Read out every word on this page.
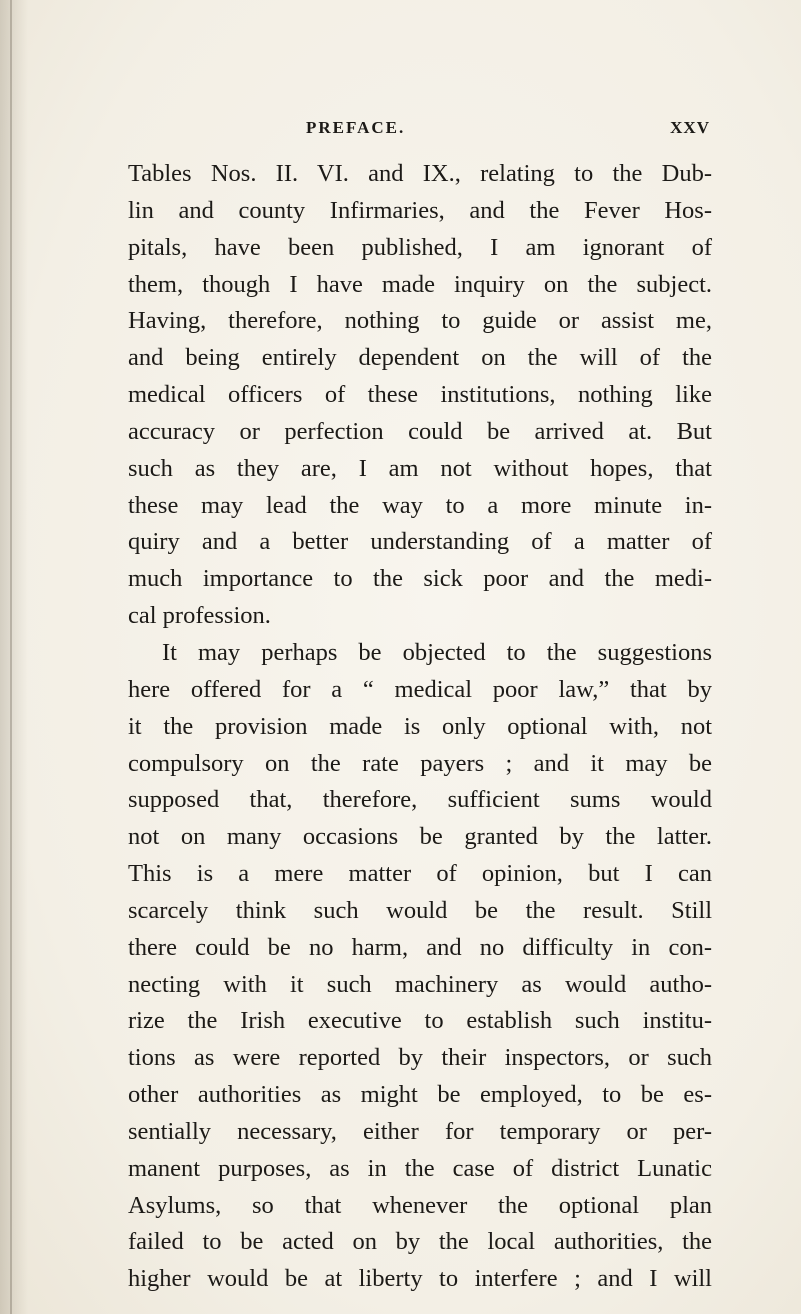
PREFACE.	XXV
Tables Nos. II. VI. and IX., relating to the Dub-
lin and county Infirmaries, and the Fever Hos-
pitals, have been published, I am ignorant of
them, though I have made inquiry on the subject.
Having, therefore, nothing to guide or assist me,
and being entirely dependent on the will of the
medical officers of these institutions, nothing like
accuracy or perfection could be arrived at. But
such as they are, I am not without hopes, that
these may lead the way to a more minute in-
quiry and a better understanding of a matter of
much importance to the sick poor and the medi-
cal profession.
It may perhaps be objected to the suggestions
here offered for a “ medical poor law,” that by
it the provision made is only optional with, not
compulsory on the rate payers ; and it may be
supposed that, therefore, sufficient sums would
not on many occasions be granted by the latter.
This is a mere matter of opinion, but I can
scarcely think such would be the result. Still
there could be no harm, and no difficulty in con-
necting with it such machinery as would autho-
rize the Irish executive to establish such institu-
tions as were reported by their inspectors, or such
other authorities as might be employed, to be es-
sentially necessary, either for temporary or per-
manent purposes, as in the case of district Lunatic
Asylums, so that whenever the optional plan
failed to be acted on by the local authorities, the
higher would be at liberty to interfere ; and I will
